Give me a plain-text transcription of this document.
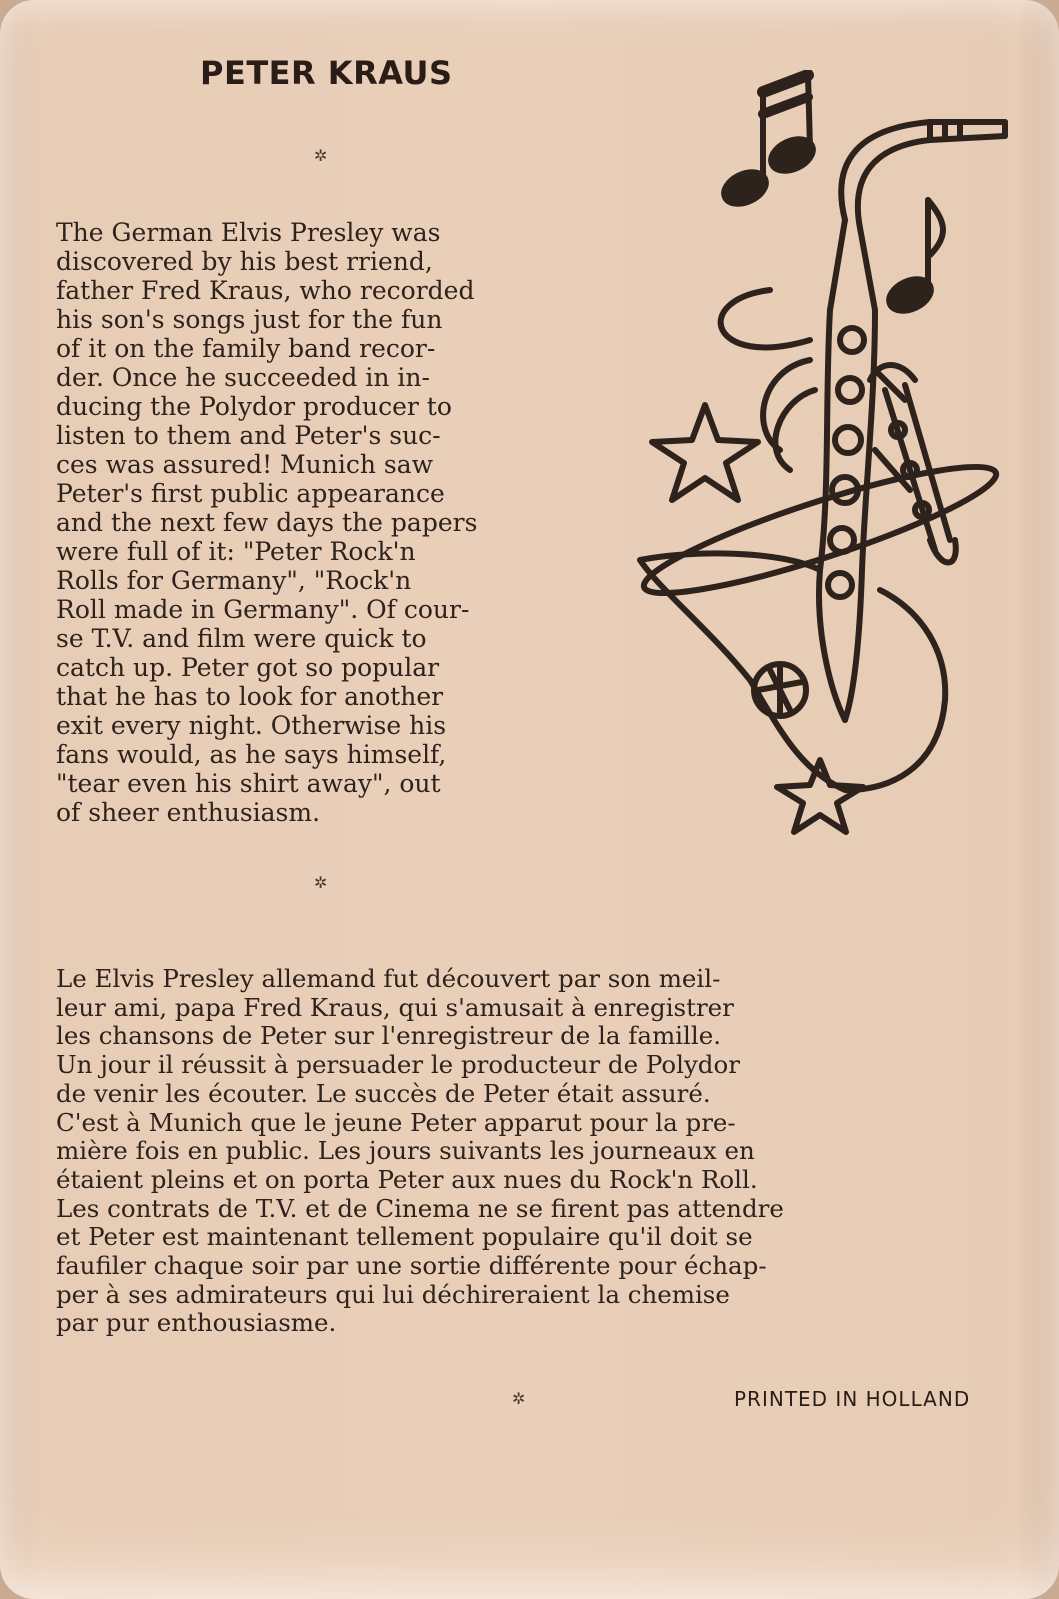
PETER KRAUS
✲

The German Elvis Presley was
discovered by his best rriend,
father Fred Kraus, who recorded
his son's songs just for the fun
of it on the family band recor-
der. Once he succeeded in in-
ducing the Polydor producer to
listen to them and Peter's suc-
ces was assured! Munich saw
Peter's first public appearance
and the next few days the papers
were full of it: "Peter Rock'n
Rolls for Germany", "Rock'n
Roll made in Germany". Of cour-
se T.V. and film were quick to
catch up. Peter got so popular
that he has to look for another
exit every night. Otherwise his
fans would, as he says himself,
"tear even his shirt away", out
of sheer enthusiasm.

✲

Le Elvis Presley allemand fut découvert par son meil-
leur ami, papa Fred Kraus, qui s'amusait à enregistrer
les chansons de Peter sur l'enregistreur de la famille.
Un jour il réussit à persuader le producteur de Polydor
de venir les écouter. Le succès de Peter était assuré.
C'est à Munich que le jeune Peter apparut pour la pre-
mière fois en public. Les jours suivants les journeaux en
étaient pleins et on porta Peter aux nues du Rock'n Roll.
Les contrats de T.V. et de Cinema ne se firent pas attendre
et Peter est maintenant tellement populaire qu'il doit se
faufiler chaque soir par une sortie différente pour échap-
per à ses admirateurs qui lui déchireraient la chemise
par pur enthousiasme.

✲	PRINTED IN HOLLAND
